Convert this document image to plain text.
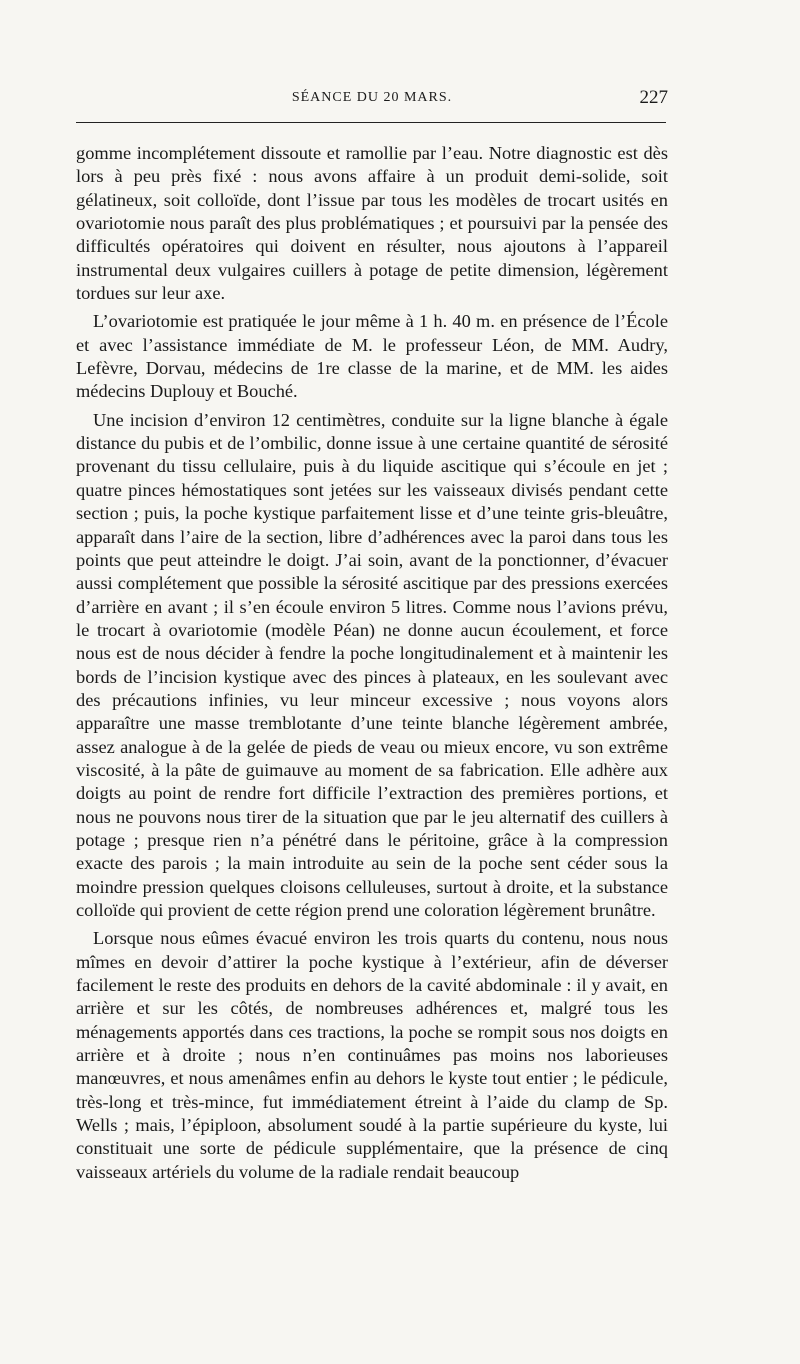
SÉANCE DU 20 MARS.	227

gomme incomplétement dissoute et ramollie par l’eau. Notre diagnostic est dès lors à peu près fixé : nous avons affaire à un produit demi-solide, soit gélatineux, soit colloïde, dont l’issue par tous les modèles de trocart usités en ovariotomie nous paraît des plus problématiques ; et poursuivi par la pensée des difficultés opératoires qui doivent en résulter, nous ajoutons à l’appareil instrumental deux vulgaires cuillers à potage de petite dimension, légèrement tordues sur leur axe.

L’ovariotomie est pratiquée le jour même à 1 h. 40 m. en présence de l’École et avec l’assistance immédiate de M. le professeur Léon, de MM. Audry, Lefèvre, Dorvau, médecins de 1re classe de la marine, et de MM. les aides médecins Duplouy et Bouché.

Une incision d’environ 12 centimètres, conduite sur la ligne blanche à égale distance du pubis et de l’ombilic, donne issue à une certaine quantité de sérosité provenant du tissu cellulaire, puis à du liquide ascitique qui s’écoule en jet ; quatre pinces hémostatiques sont jetées sur les vaisseaux divisés pendant cette section ; puis, la poche kystique parfaitement lisse et d’une teinte gris-bleuâtre, apparaît dans l’aire de la section, libre d’adhérences avec la paroi dans tous les points que peut atteindre le doigt. J’ai soin, avant de la ponctionner, d’évacuer aussi complétement que possible la sérosité ascitique par des pressions exercées d’arrière en avant ; il s’en écoule environ 5 litres. Comme nous l’avions prévu, le trocart à ovariotomie (modèle Péan) ne donne aucun écoulement, et force nous est de nous décider à fendre la poche longitudinalement et à maintenir les bords de l’incision kystique avec des pinces à plateaux, en les soulevant avec des précautions infinies, vu leur minceur excessive ; nous voyons alors apparaître une masse tremblotante d’une teinte blanche légèrement ambrée, assez analogue à de la gelée de pieds de veau ou mieux encore, vu son extrême viscosité, à la pâte de guimauve au moment de sa fabrication. Elle adhère aux doigts au point de rendre fort difficile l’extraction des premières portions, et nous ne pouvons nous tirer de la situation que par le jeu alternatif des cuillers à potage ; presque rien n’a pénétré dans le péritoine, grâce à la compression exacte des parois ; la main introduite au sein de la poche sent céder sous la moindre pression quelques cloisons celluleuses, surtout à droite, et la substance colloïde qui provient de cette région prend une coloration légèrement brunâtre.

Lorsque nous eûmes évacué environ les trois quarts du contenu, nous nous mîmes en devoir d’attirer la poche kystique à l’extérieur, afin de déverser facilement le reste des produits en dehors de la cavité abdominale : il y avait, en arrière et sur les côtés, de nombreuses adhérences et, malgré tous les ménagements apportés dans ces tractions, la poche se rompit sous nos doigts en arrière et à droite ; nous n’en continuâmes pas moins nos laborieuses manœuvres, et nous amenâmes enfin au dehors le kyste tout entier ; le pédicule, très-long et très-mince, fut immédiatement étreint à l’aide du clamp de Sp. Wells ; mais, l’épiploon, absolument soudé à la partie supérieure du kyste, lui constituait une sorte de pédicule supplémentaire, que la présence de cinq vaisseaux artériels du volume de la radiale rendait beaucoup
